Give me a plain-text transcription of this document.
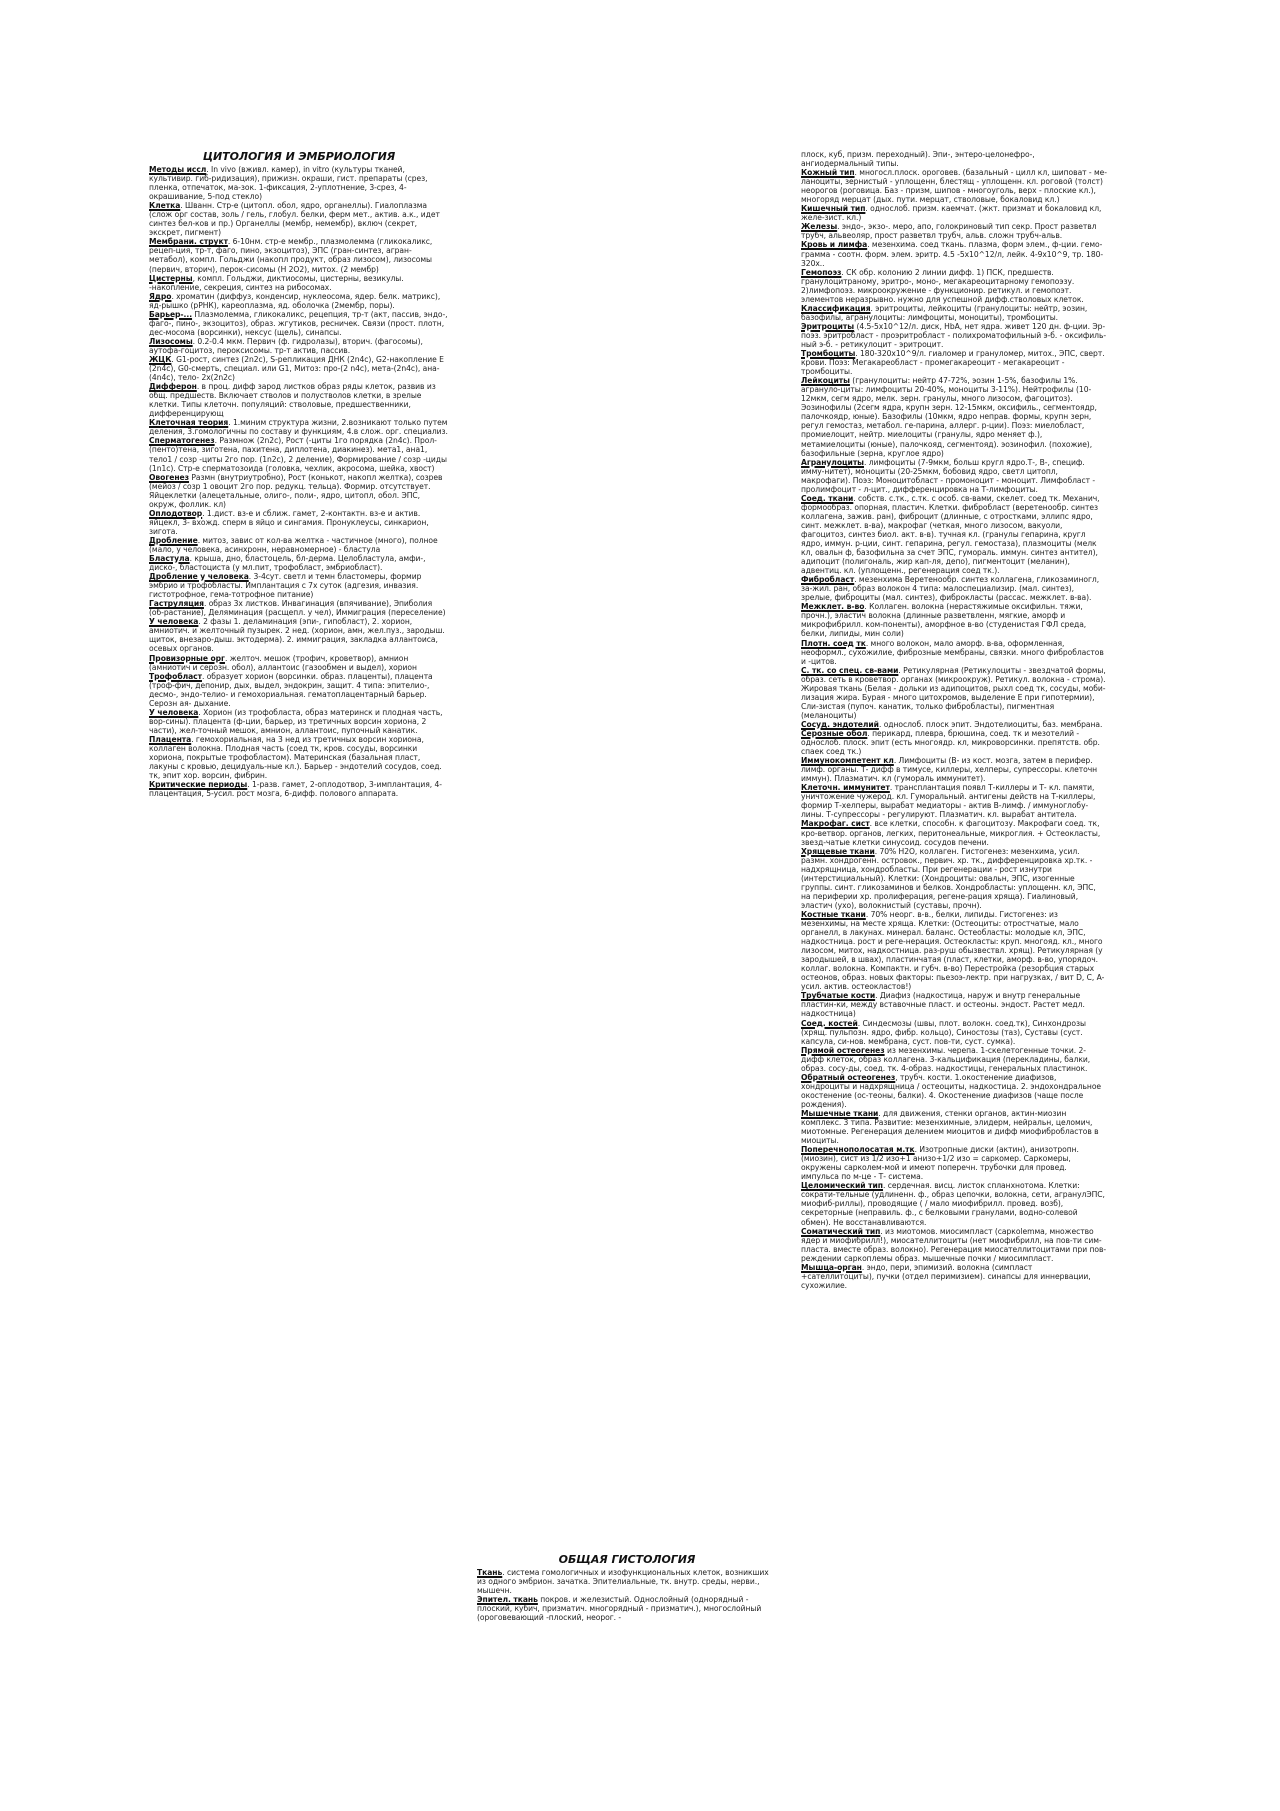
ЦИТОЛОГИЯ И ЭМБРИОЛОГИЯ

Методы иссл. In vivo (вживл. камер), in vitro (культуры тканей, культивир. гиб-ридизация), прижизн. окраши, гист. препараты (срез, пленка, отпечаток, ма-зок. 1-фиксация, 2-уплотнение, 3-срез, 4-окрашивание, 5-под стекло)

Клетка. Шванн. Стр-е (цитопл. обол, ядро, органеллы). Гиалоплазма (слож орг состав, золь / гель, глобул. белки, ферм мет., актив. а.к., идет синтез бел-ков и пр.) Органеллы (мембр, немембр), включ (секрет, экскрет, пигмент)

Мембрани. структ. 6-10нм. стр-е мембр., плазмолемма (гликокаликс, рецеп-ция, тр-т, фаго, пино, экзоцитоз), ЭПС (гран-синтез, агран-метабол), компл. Гольджи (накопл продукт, образ лизосом), лизосомы (первич, вторич), перок-сисомы (Н 2О2), митох. (2 мембр)

Цистерны, компл. Гольджи, диктиосомы, цистерны, везикулы. -накопление, секреция, синтез на рибосомах.

Ядро. хроматин (диффуз, конденсир, нуклеосома, ядер. белк. матрикс), яд-рышко (рРНК), кареоплазма, яд. оболочка (2мембр, поры).

Барьер-... Плазмолемма, гликокаликс, рецепция, тр-т (акт, пассив, эндо-, фаго-, пино-, экзоцитоз), образ. жгутиков, ресничек. Связи (прост. плотн, дес-мосома (ворсинки), нексус (щель), синапсы.

Лизосомы. 0.2-0.4 мкм. Первич (ф. гидролазы), вторич. (фагосомы), аутофа-гоцитоз, пероксисомы. тр-т актив, пассив.

ЖЦК. G1-рост, синтез (2n2c), S-репликация ДНК (2n4c), G2-накопление Е (2n4c), G0-смерть, специал. или G1, Митоз: про-(2 n4c), мета-(2n4c), ана-(4n4c), тело- 2x(2n2c)

Дифферон. в проц. дифф зарод листков образ ряды клеток, развив из общ. предшеств. Включает стволов и полустволов клетки, в зрелые клетки. Типы клеточн. популяций: стволовые, предшественники, дифференцирующ

Клеточная теория. 1.миним структура жизни, 2.возникают только путем деления, 3.гомологичны по составу и функциям, 4.в слож. орг. специализ.

Сперматогенез. Размнож (2n2c), Рост (-циты 1го порядка (2n4c). Прол-(пенто)тена, зиготена, пахитена, диплотена, диакинез). мета1, ана1, тело1 / созр -циты 2го пор. (1n2c), 2 деление), Формирование / созр -циды (1n1c). Стр-е сперматозоида (головка, чехлик, акросома, шейка, хвост)

Овогенез Размн (внутриутробно), Рост (конькот, накопл желтка), созрев (мейоз / созр 1 овоцит 2го пор. редукц. тельца). Формир. отсутствует. Яйцеклетки (алецетальные, олиго-, поли-, ядро, цитопл, обол. ЭПС, окруж, фоллик. кл)

Оплодотвор. 1.дист. вз-е и сближ. гамет, 2-контактн. вз-е и актив. яйцекл, 3- вхожд. сперм в яйцо и сингамия. Пронуклеусы, синкарион, зигота.

Дробление. митоз, завис от кол-ва желтка - частичное (много), полное (мало, у человека, асинхронн, неравномерное) - бластула

Бластула. крыша, дно, бластоцель, бл-дерма. Целобластула, амфи-, диско-, бластоциста (у мл.пит, трофобласт, эмбриобласт).

Дробление у человека. 3-4сут. светл и темн бластомеры, формир эмбрио и трофобласты. Имплантация с 7х суток (адгезия, инвазия. гистотрофное, гема-тотрофное питание)

Гаструляция. образ 3х листков. Инвагинация (впячивание), Эпиболия (об-растание), Деляминация (расщепл. у чел), Иммиграция (переселение)

У человека. 2 фазы 1. деламинация (эпи-, гипобласт), 2. хорион, амниотич. и желточный пузырек. 2 нед. (хорион, амн, жел.пуз., зародыш. щиток, внезаро-дыш. эктодерма). 2. иммиграция, закладка аллантоиса, осевых органов.

Провизорные орг. желточ. мешок (трофич, кроветвор), амнион (амниотич и серозн. обол), аллантоис (газообмен и выдел), хорион

Трофобласт. образует хорион (ворсинки. образ. плаценты), плацента (троф-фич, депонир, дых, выдел, эндокрин, защит. 4 типа: эпителио-, десмо-, эндо-телио- и гемохориальная. гематоплацентарный барьер. Серозн ая- дыхание.

У человека. Хорион (из трофобласта, образ материнск и плодная часть, вор-сины). плацента (ф-ции, барьер, из третичных ворсин хориона, 2 части), жел-точный мешок, амнион, аллантоис, пупочный канатик.

Плацента. гемохориальная, на 3 нед из третичных ворсин хориона, коллаген волокна. Плодная часть (соед тк, кров. сосуды, ворсинки хориона, покрытые трофобластом). Материнская (базальная пласт, лакуны с кровью, децидуаль-ные кл.). Барьер - эндотелий сосудов, соед. тк, эпит хор. ворсин, фибрин.

Критические периоды. 1-разв. гамет, 2-оплодотвор, 3-имплантация, 4-плацентация, 5-усил. рост мозга, 6-дифф. полового аппарата.

ОБЩАЯ ГИСТОЛОГИЯ

Ткань. система гомологичных и изофункциональных клеток, возникших из одного эмбрион. зачатка. Эпителиальные, тк. внутр. среды, нерви., мышечн.

Эпител. ткань покров. и железистый. Однослойный (однорядный - плоский, кубич, призматич. многорядный - призматич.), многослойный (ороговевающий -плоский, неорог. -

плоск, куб, призм. переходный). Эпи-, энтеро-целонефро-, ангиодермальный типы.

Кожный тип. многосл.плоск. ороговев. (базальный - цилл кл, шиповат - ме-ланоциты, зернистый - уплощенн, блестящ - уплощенн. кл. роговой (толст) неорогов (роговица. Баз - призм, шипов - многоуголь, верх - плоские кл.), многоряд мерцат (дых. пути. мерцат, стволовые, бокаловид кл.)

Кишечный тип. однослоб. призм. каемчат. (жкт. призмат и бокаловид кл, желе-зист. кл.)

Железы. эндо-, экзо-. меро, апо, голокриновый тип секр. Прост разветвл трубч, альвеоляр, прост разветвл трубч, альв. сложн трубч-альв.

Кровь и лимфа. мезенхима. соед ткань. плазма, форм элем., ф-ции. гемо-грамма - соотн. форм. элем. эритр. 4.5 -5x10^12/л, лейк. 4-9x10^9, тр. 180-320х..

Гемопоэз. СК обр. колонию 2 линии дифф. 1) ПСК, предшеств. гранулоцитраному, эритро-, моно-, мегакареоцитарному гемопоэзу. 2)лимфопоэз. микроокружение - функционир. ретикул. и гемопоэт. элементов неразрывно. нужно для успешной дифф.стволовых клеток.

Классификация. эритроциты, лейкоциты (гранулоциты: нейтр, эозин, базофилы, агранулоциты: лимфоциты, моноциты), тромбоциты.

Эритроциты (4.5-5x10^12/л. диск, HbA, нет ядра. живет 120 дн. ф-ции. Эр-поэз. эритробласт - проэритробласт - полихроматофильный э-б. - оксифиль-ный э-б. - ретикулоцит - эритроцит.

Тромбоциты. 180-320х10^9/л. гиаломер и грануломер, митох., ЭПС, сверт. крови. Поэз: Мегакареобласт - промегакареоцит - мегакареоцит - тромбоциты.

Лейкоциты (гранулоциты: нейтр 47-72%, эозин 1-5%, базофилы 1%. агрануло-циты: лимфоциты 20-40%, моноциты 3-11%). Нейтрофилы (10-12мкм, сегм ядро, мелк. зерн. гранулы, много лизосом, фагоцитоз). Эозинофилы (2сегм ядра, крупн зерн. 12-15мкм, оксифиль., сегментоядр, палочкоядр, юные). Базофилы (10мкм, ядро неправ. формы, крупн зерн, регул гемостаз, метабол. ге-парина, аллерг. р-ции). Поэз: миелобласт, промиелоцит, нейтр. миелоциты (гранулы, ядро меняет ф.), метамиелоциты (юные), палочкояд, сегментояд). эозинофил. (похожие), базофильные (зерна, круглое ядро)

Агранулоциты. лимфоциты (7-9мкм, больш кругл ядро.Т-, В-, специф. имму-нитет), моноциты (20-25мкм, бобовид ядро, светл цитопл, макрофаги). Поэз: Моноцитобласт - промоноцит - моноцит. Лимфобласт - пролимфоцит - л-цит., дифференцировка на Т-лимфоциты.

Соед. ткани. собств. с.тк., с.тк. с особ. св-вами, скелет. соед тк. Механич, формообраз. опорная, пластич. Клетки. фибробласт (веретенообр. синтез коллагена, зажив. ран), фиброцит (длинные, с отростками, эллипс ядро, синт. межклет. в-ва), макрофаг (четкая, много лизосом, вакуоли, фагоцитоз, синтез биол. акт. в-в). тучная кл. (гранулы гепарина, кругл ядро, иммун. р-ции, синт. гепарина, регул. гемостаза), плазмоциты (мелк кл, овальн ф, базофильна за счет ЭПС, гумораль. иммун. синтез антител), адипоцит (полигональ, жир кап-ля, депо), пигментоцит (меланин), адвентиц. кл. (уплощенн., регенерация соед тк.).

Фибробласт. мезенхима Веретенообр. синтез коллагена, гликозаминогл, за-жил. ран, образ волокон 4 типа: малоспециализир. (мал. синтез), зрелые, фиброциты (мал. синтез), фиброкласты (рассас. межклет. в-ва).

Межклет. в-во. Коллаген. волокна (нерастяжимые оксифильн. тяжи, прочн.), эластич волокна (длинные разветвленн, мягкие, аморф и микрофибрилл. ком-поненты), аморфное в-во (студенистая ГФЛ среда, белки, липиды, мин соли)

Плотн. соед тк. много волокон, мало аморф. в-ва, оформленная, неоформл., сухожилие, фиброзные мембраны, связки. много фибробластов и -цитов.

С. тк. со спец. св-вами. Ретикулярная (Ретикулоциты - звездчатой формы, образ. сеть в кроветвор. органах (микроокруж). Ретикул. волокна - строма). Жировая ткань (Белая - дольки из адипоцитов, рыхл соед тк, сосуды, моби-лизация жира. Бурая - много цитохромов, выделение Е при гипотермии), Сли-зистая (пупоч. канатик, только фибробласты), пигментная (меланоциты)

Сосуд. эндотелий. однослоб. плоск эпит. Эндотелиоциты, баз. мембрана.

Серозные обол. перикард, плевра, брюшина, соед. тк и мезотелий - однослоб. плоск. эпит (есть многоядр. кл, микроворсинки. препятств. обр. спаек соед тк.)

Иммунокомпетент кл. Лимфоциты (В- из кост. мозга, затем в перифер. лимф. органы. Т- дифф в тимусе, киллеры, хелперы, супрессоры. клеточн иммун). Плазматич. кл (гумораль иммунитет).

Клеточн. иммунитет. трансплантация появл Т-киллеры и Т- кл. памяти, уничтожение чужерод. кл. Гуморальный. антигены действ на Т-киллеры, формир Т-хелперы, вырабат медиаторы - актив В-лимф. / иммуноглобу-лины. Т-супрессоры - регулируют. Плазматич. кл. вырабат антитела.

Макрофаг. сист. все клетки, способн. к фагоцитозу. Макрофаги соед. тк, кро-ветвор. органов, легких, перитонеальные, микроглия. + Остеокласты, звезд-чатые клетки синусоид. сосудов печени.

Хрящевые ткани. 70% Н2О, коллаген. Гистогенез: мезенхима, усил. размн. хондрогенн. островок., первич. хр. тк., дифференцировка хр.тк. - надхрящница, хондробласты. При регенерации - рост изнутри (интерстициальный). Клетки: (Хондроциты: овальн, ЭПС, изогенные группы. синт. гликозаминов и белков. Хондробласты: уплощенн. кл, ЭПС, на периферии хр. пролиферация, регене-рация хряща). Гиалиновый, эластич (ухо), волокнистый (суставы, прочн).

Костные ткани. 70% неорг. в-в., белки, липиды. Гистогенез: из мезенхимы, на месте хряща. Клетки: (Остеоциты: отростчатые, мало органелл, в лакунах. минерал. баланс. Остеобласты: молодые кл, ЭПС, надкостница. рост и реге-нерация. Остеокласты: круп. многояд. кл., много лизосом, митох, надкостница. раз-руш обызвествл. хрящ). Ретикулярная (у зародышей, в швах), пластинчатая (пласт, клетки, аморф. в-во, упорядоч. коллаг. волокна. Компактн. и губч. в-во) Перестройка (резорбция старых остеонов, образ. новых факторы: пьезоэ-лектр. при нагрузках, / вит D, C, A- усил. актив. остеокластов!)

Трубчатые кости. Диафиз (надкостица, наруж и внутр генеральные пластин-ки, между вставочные пласт. и остеоны. эндост. Растет медл. надкостница)

Соед. костей. Синдесмозы (швы, плот. волокн. соед.тк), Синхондрозы (хрящ. пульпозн. ядро, фибр. кольцо), Синостозы (таз), Суставы (суст. капсула, си-нов. мембрана, суст. пов-ти, суст. сумка).

Прямой остеогенез из мезенхимы. черепа. 1-скелетогенные точки. 2-дифф клеток, образ коллагена. 3-кальцификация (перекладины, балки, образ. сосу-ды, соед. тк. 4-образ. надкостицы, генеральных пластинок.

Обратный остеогенез, трубч. кости. 1.окостенение диафизов, хондроциты и надхрящница / остеоциты, надкостица. 2. эндохондральное окостенение (ос-теоны, балки). 4. Окостенение диафизов (чаще после рождения).

Мышечные ткани. для движения, стенки органов, актин-миозин комплекс. 3 типа. Развитие: мезенхимные, элидерм, нейральн, целомич, миотомные. Регенерация делением миоцитов и дифф миофибробластов в миоциты.

Поперечнополосатая м.тк. Изотропные диски (актин), анизотропн. (миозин), сист из 1/2 изо+1 анизо+1/2 изо = саркомер. Саркомеры, окружены сарколем-мой и имеют поперечн. трубочки для провед. импульса по м-це - Т- система.

Целомический тип. сердечная. висц. листок спланхнотома. Клетки: сократи-тельные (удлиненн. ф., образ цепочки, волокна, сети, агранулЭПС, миофиб-риллы), проводящие ( / мало миофибрилл. провед. возб), секреторные (неправиль. ф., с белковыми гранулами, водно-солевой обмен). Не восстанавливаются.

Соматический тип. из миотомов. миосимпласт (саркolemма, множество ядер и миофибрилл!), миосателлитоциты (нет миофибрилл, на пов-ти сим-пласта. вместе образ. волокно). Регенерация миосателлитоцитами при пов-реждении саркоплемы образ. мышечные почки / миосимпласт.

Мышца-орган. эндо, пери, эпимизий. волокна (симпласт +сателлитоциты), пучки (отдел перимизием). синапсы для иннервации, сухожилие.
